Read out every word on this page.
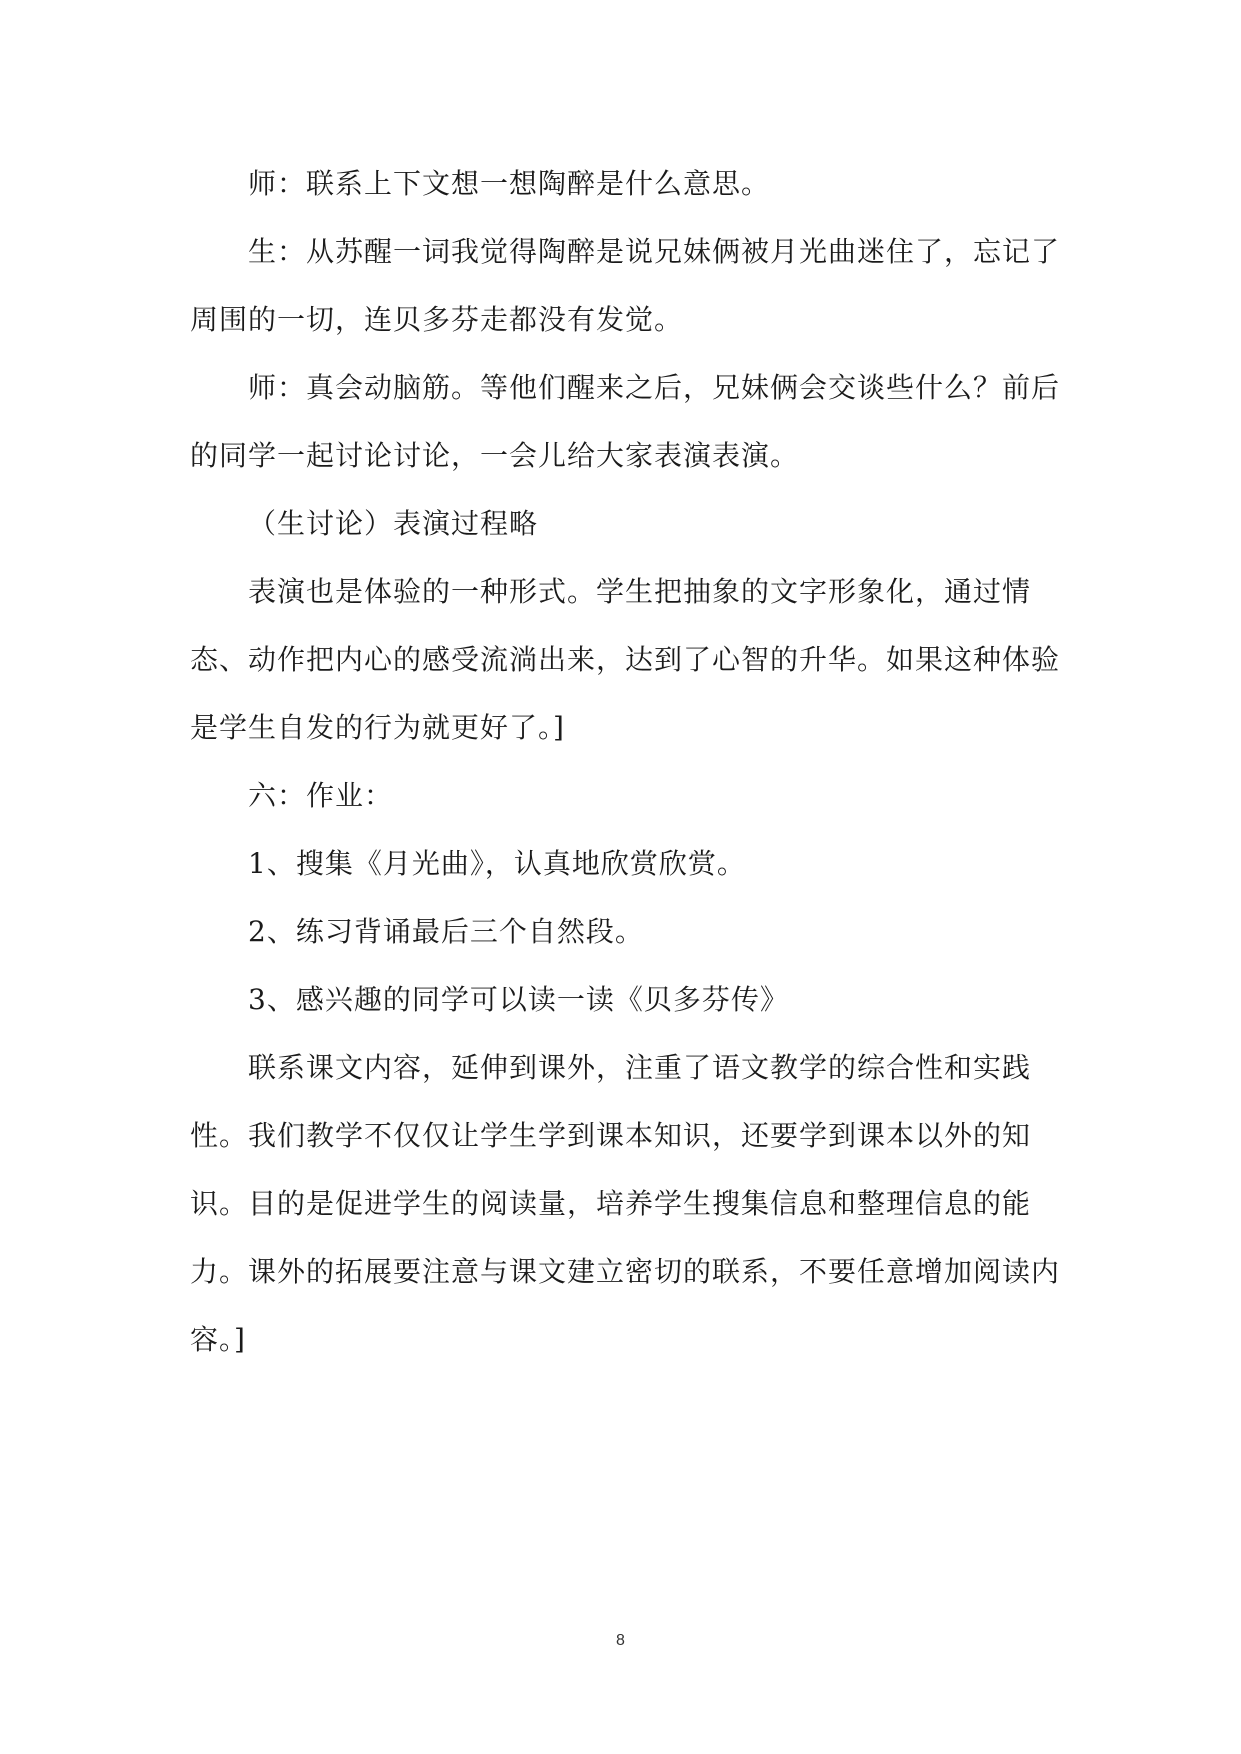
师：联系上下文想一想陶醉是什么意思。

生：从苏醒一词我觉得陶醉是说兄妹俩被月光曲迷住了，忘记了周围的一切，连贝多芬走都没有发觉。

师：真会动脑筋。等他们醒来之后，兄妹俩会交谈些什么？前后的同学一起讨论讨论，一会儿给大家表演表演。

（生讨论）表演过程略

表演也是体验的一种形式。学生把抽象的文字形象化，通过情态、动作把内心的感受流淌出来，达到了心智的升华。如果这种体验是学生自发的行为就更好了。]

六：作业：

1、搜集《月光曲》，认真地欣赏欣赏。

2、练习背诵最后三个自然段。

3、感兴趣的同学可以读一读《贝多芬传》

联系课文内容，延伸到课外，注重了语文教学的综合性和实践性。我们教学不仅仅让学生学到课本知识，还要学到课本以外的知识。目的是促进学生的阅读量，培养学生搜集信息和整理信息的能力。课外的拓展要注意与课文建立密切的联系，不要任意增加阅读内容。]

8
